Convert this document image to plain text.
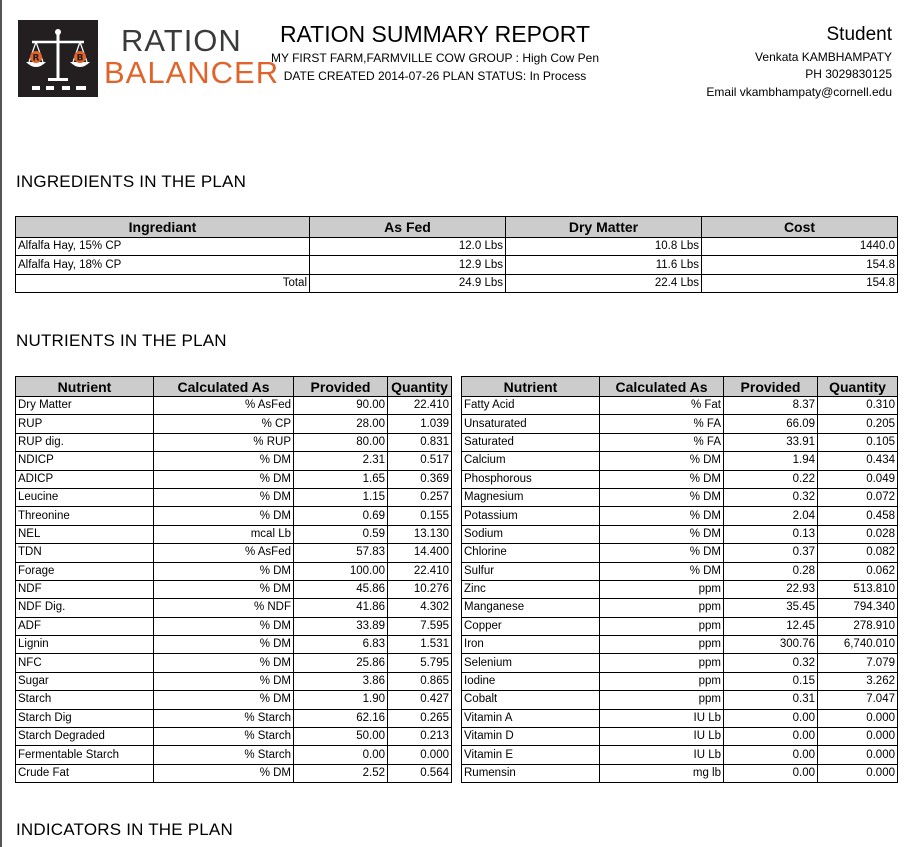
R	B
RATION
BALANCER
RATION SUMMARY REPORT
MY FIRST FARM,FARMVILLE COW GROUP : High Cow Pen
DATE CREATED 2014-07-26 PLAN STATUS: In Process
Student
Venkata KAMBHAMPATY
PH 3029830125
Email vkambhampaty@cornell.edu
INGREDIENTS IN THE PLAN
Ingrediant	As Fed	Dry Matter	Cost
Alfalfa Hay, 15% CP	12.0 Lbs	10.8 Lbs	1440.0
Alfalfa Hay, 18% CP	12.9 Lbs	11.6 Lbs	154.8
Total	24.9 Lbs	22.4 Lbs	154.8
NUTRIENTS IN THE PLAN
Nutrient	Calculated As	Provided	Quantity
Dry Matter	% AsFed	90.00	22.410
RUP	% CP	28.00	1.039
RUP dig.	% RUP	80.00	0.831
NDICP	% DM	2.31	0.517
ADICP	% DM	1.65	0.369
Leucine	% DM	1.15	0.257
Threonine	% DM	0.69	0.155
NEL	mcal Lb	0.59	13.130
TDN	% AsFed	57.83	14.400
Forage	% DM	100.00	22.410
NDF	% DM	45.86	10.276
NDF Dig.	% NDF	41.86	4.302
ADF	% DM	33.89	7.595
Lignin	% DM	6.83	1.531
NFC	% DM	25.86	5.795
Sugar	% DM	3.86	0.865
Starch	% DM	1.90	0.427
Starch Dig	% Starch	62.16	0.265
Starch Degraded	% Starch	50.00	0.213
Fermentable Starch	% Starch	0.00	0.000
Crude Fat	% DM	2.52	0.564
Nutrient	Calculated As	Provided	Quantity
Fatty Acid	% Fat	8.37	0.310
Unsaturated	% FA	66.09	0.205
Saturated	% FA	33.91	0.105
Calcium	% DM	1.94	0.434
Phosphorous	% DM	0.22	0.049
Magnesium	% DM	0.32	0.072
Potassium	% DM	2.04	0.458
Sodium	% DM	0.13	0.028
Chlorine	% DM	0.37	0.082
Sulfur	% DM	0.28	0.062
Zinc	ppm	22.93	513.810
Manganese	ppm	35.45	794.340
Copper	ppm	12.45	278.910
Iron	ppm	300.76	6,740.010
Selenium	ppm	0.32	7.079
Iodine	ppm	0.15	3.262
Cobalt	ppm	0.31	7.047
Vitamin A	IU Lb	0.00	0.000
Vitamin D	IU Lb	0.00	0.000
Vitamin E	IU Lb	0.00	0.000
Rumensin	mg lb	0.00	0.000
INDICATORS IN THE PLAN
